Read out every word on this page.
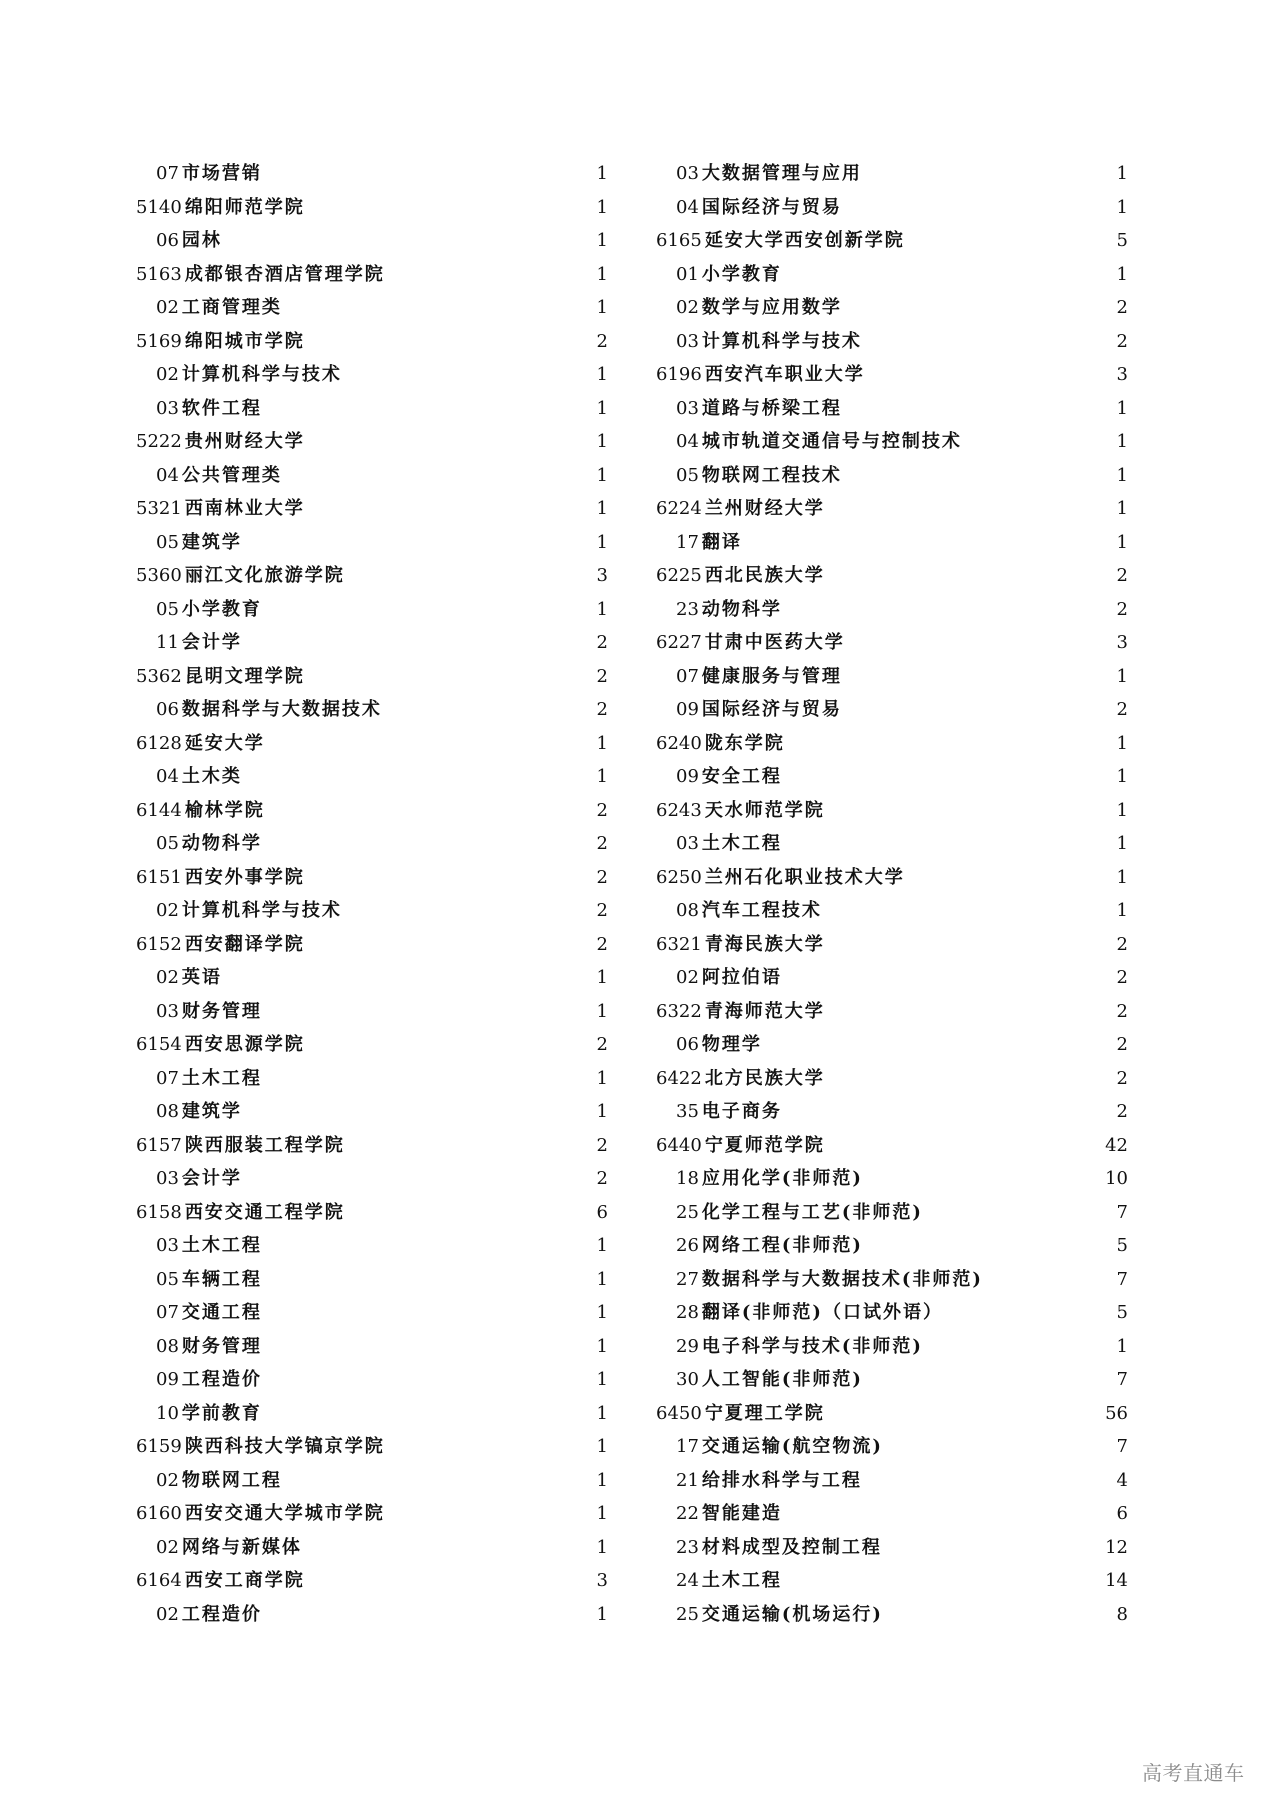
07 市场营销	1
5140 绵阳师范学院	1
06 园林	1
5163 成都银杏酒店管理学院	1
02 工商管理类	1
5169 绵阳城市学院	2
02 计算机科学与技术	1
03 软件工程	1
5222 贵州财经大学	1
04 公共管理类	1
5321 西南林业大学	1
05 建筑学	1
5360 丽江文化旅游学院	3
05 小学教育	1
11 会计学	2
5362 昆明文理学院	2
06 数据科学与大数据技术	2
6128 延安大学	1
04 土木类	1
6144 榆林学院	2
05 动物科学	2
6151 西安外事学院	2
02 计算机科学与技术	2
6152 西安翻译学院	2
02 英语	1
03 财务管理	1
6154 西安思源学院	2
07 土木工程	1
08 建筑学	1
6157 陕西服装工程学院	2
03 会计学	2
6158 西安交通工程学院	6
03 土木工程	1
05 车辆工程	1
07 交通工程	1
08 财务管理	1
09 工程造价	1
10 学前教育	1
6159 陕西科技大学镐京学院	1
02 物联网工程	1
6160 西安交通大学城市学院	1
02 网络与新媒体	1
6164 西安工商学院	3
02 工程造价	1
03 大数据管理与应用	1
04 国际经济与贸易	1
6165 延安大学西安创新学院	5
01 小学教育	1
02 数学与应用数学	2
03 计算机科学与技术	2
6196 西安汽车职业大学	3
03 道路与桥梁工程	1
04 城市轨道交通信号与控制技术	1
05 物联网工程技术	1
6224 兰州财经大学	1
17 翻译	1
6225 西北民族大学	2
23 动物科学	2
6227 甘肃中医药大学	3
07 健康服务与管理	1
09 国际经济与贸易	2
6240 陇东学院	1
09 安全工程	1
6243 天水师范学院	1
03 土木工程	1
6250 兰州石化职业技术大学	1
08 汽车工程技术	1
6321 青海民族大学	2
02 阿拉伯语	2
6322 青海师范大学	2
06 物理学	2
6422 北方民族大学	2
35 电子商务	2
6440 宁夏师范学院	42
18 应用化学(非师范)	10
25 化学工程与工艺(非师范)	7
26 网络工程(非师范)	5
27 数据科学与大数据技术(非师范)	7
28 翻译(非师范)（口试外语）	5
29 电子科学与技术(非师范)	1
30 人工智能(非师范)	7
6450 宁夏理工学院	56
17 交通运输(航空物流)	7
21 给排水科学与工程	4
22 智能建造	6
23 材料成型及控制工程	12
24 土木工程	14
25 交通运输(机场运行)	8
高考直通车
